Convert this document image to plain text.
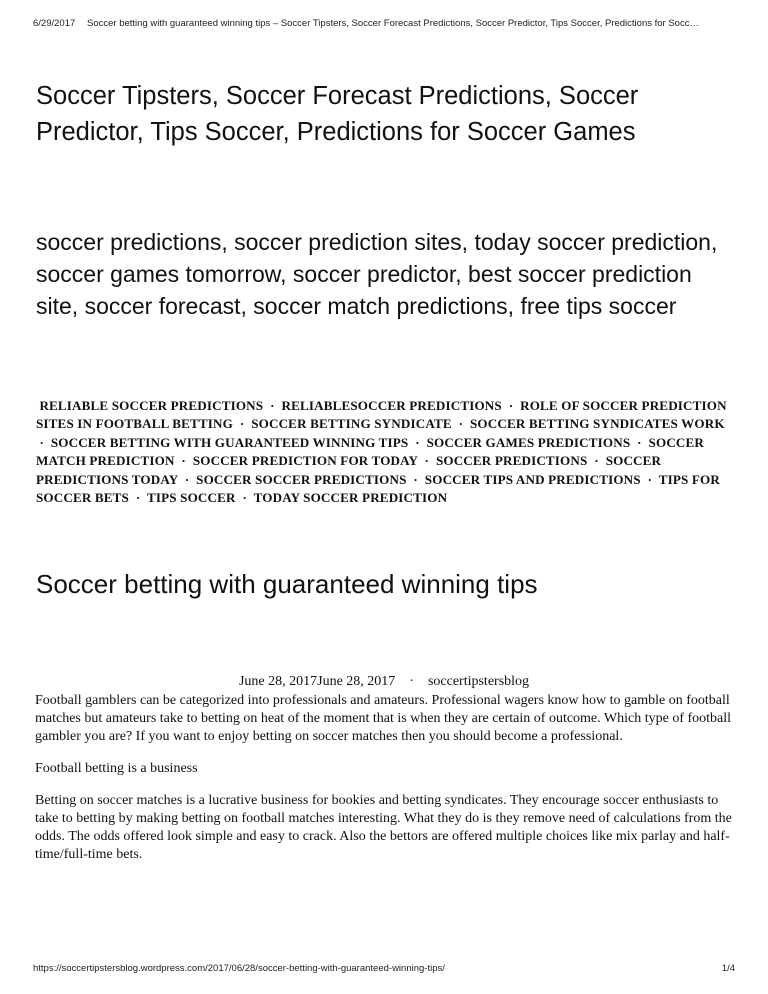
6/29/2017 Soccer betting with guaranteed winning tips – Soccer Tipsters, Soccer Forecast Predictions, Soccer Predictor, Tips Soccer, Predictions for Socc…
Soccer Tipsters, Soccer Forecast Predictions, Soccer Predictor, Tips Soccer, Predictions for Soccer Games
soccer predictions, soccer prediction sites, today soccer prediction, soccer games tomorrow, soccer predictor, best soccer prediction site, soccer forecast, soccer match predictions, free tips soccer
RELIABLE SOCCER PREDICTIONS · RELIABLESOCCER PREDICTIONS · ROLE OF SOCCER PREDICTION SITES IN FOOTBALL BETTING · SOCCER BETTING SYNDICATE · SOCCER BETTING SYNDICATES WORK  · SOCCER BETTING WITH GUARANTEED WINNING TIPS · SOCCER GAMES PREDICTIONS · SOCCER MATCH PREDICTION · SOCCER PREDICTION FOR TODAY · SOCCER PREDICTIONS · SOCCER PREDICTIONS TODAY · SOCCER SOCCER PREDICTIONS · SOCCER TIPS AND PREDICTIONS · TIPS FOR SOCCER BETS · TIPS SOCCER · TODAY SOCCER PREDICTION
Soccer betting with guaranteed winning tips
June 28, 2017June 28, 2017 · soccertipstersblog

Football gamblers can be categorized into professionals and amateurs. Professional wagers know how to gamble on football matches but amateurs take to betting on heat of the moment that is when they are certain of outcome. Which type of football gambler you are? If you want to enjoy betting on soccer matches then you should become a professional.

Football betting is a business

Betting on soccer matches is a lucrative business for bookies and betting syndicates. They encourage soccer enthusiasts to take to betting by making betting on football matches interesting. What they do is they remove need of calculations from the odds. The odds offered look simple and easy to crack. Also the bettors are offered multiple choices like mix parlay and half-time/full-time bets.

https://soccertipstersblog.wordpress.com/2017/06/28/soccer-betting-with-guaranteed-winning-tips/	1/4
